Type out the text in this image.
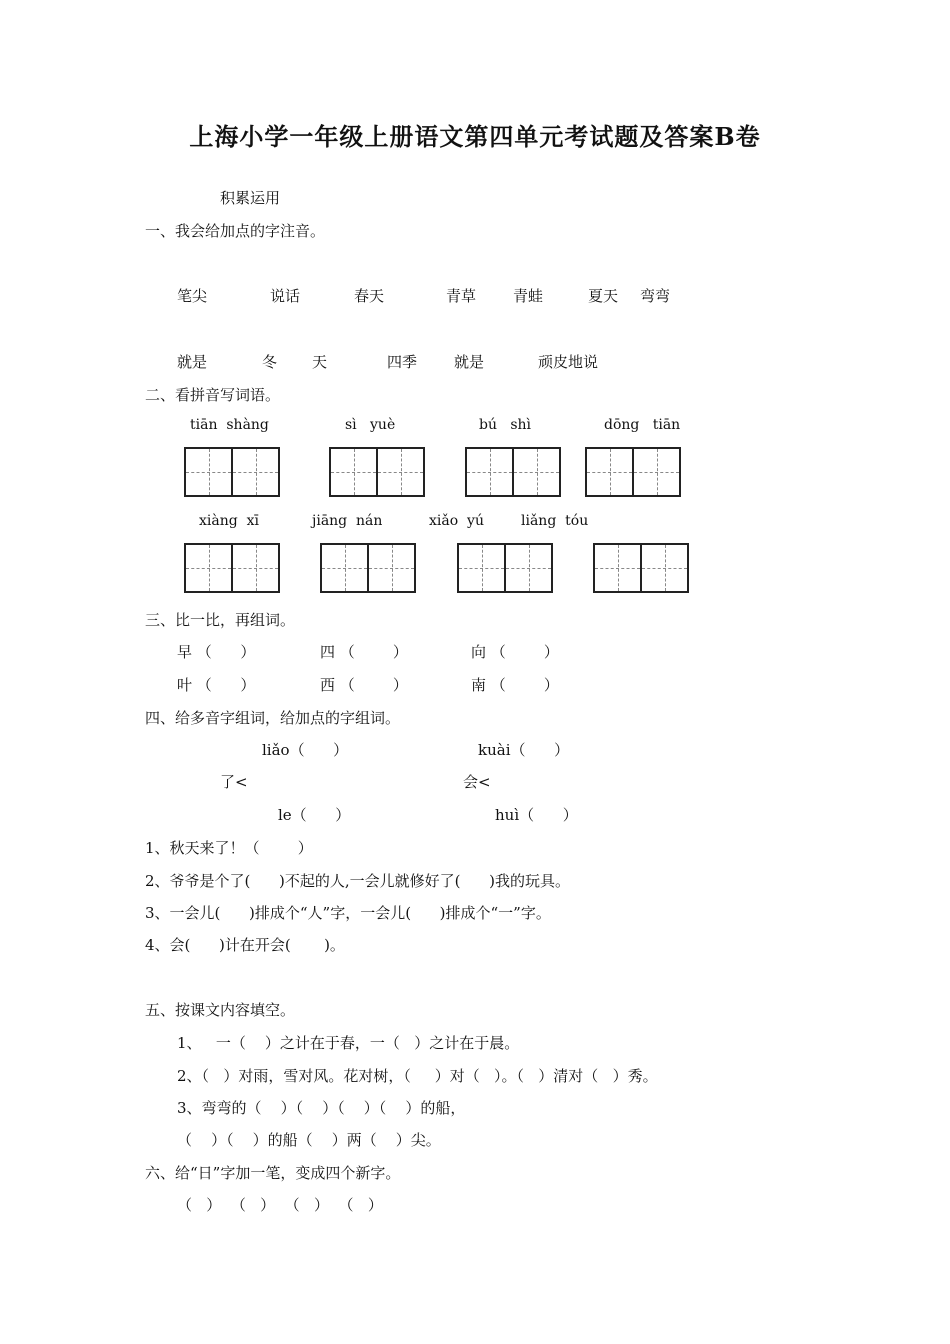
上海小学一年级上册语文第四单元考试题及答案B卷
积累运用
一、我会给加点的字注音。
笔尖	说话	春天	青草 青蛙	夏天 弯弯
就是	冬 天	四季 就是	顽皮地说
二、看拼音写词语。
tiān  shàng	sì   yuè	bú   shì	dōng   tiān
xiàng  xī	jiāng  nán	xiǎo  yú	liǎng  tóu
三、比一比，再组词。
早 （      ）	四 （        ）	向 （        ）
叶 （      ）	西 （        ）	南 （        ）
四、给多音字组词，给加点的字组词。
liǎo（      ）	kuài（      ）
了<	会<
le（      ）	huì（      ）
1、秋天来了！（        ）
2、爷爷是个了(      )不起的人,一会儿就修好了(      )我的玩具。
3、一会儿(      )排成个“人”字，一会儿(      )排成个“一”字。
4、会(      )计在开会(       )。
五、按课文内容填空。
1、   一（    ）之计在于春，一（   ）之计在于晨。
2、（   ）对雨，雪对风。花对树，（     ）对（   ）。（   ）清对（   ）秀。
3、弯弯的（    ）（    ）（    ）（    ）的船，
（    ）（    ）的船（    ）两（    ）尖。
六、给“日”字加一笔，变成四个新字。
（   ）  （   ）  （   ）  （   ）
